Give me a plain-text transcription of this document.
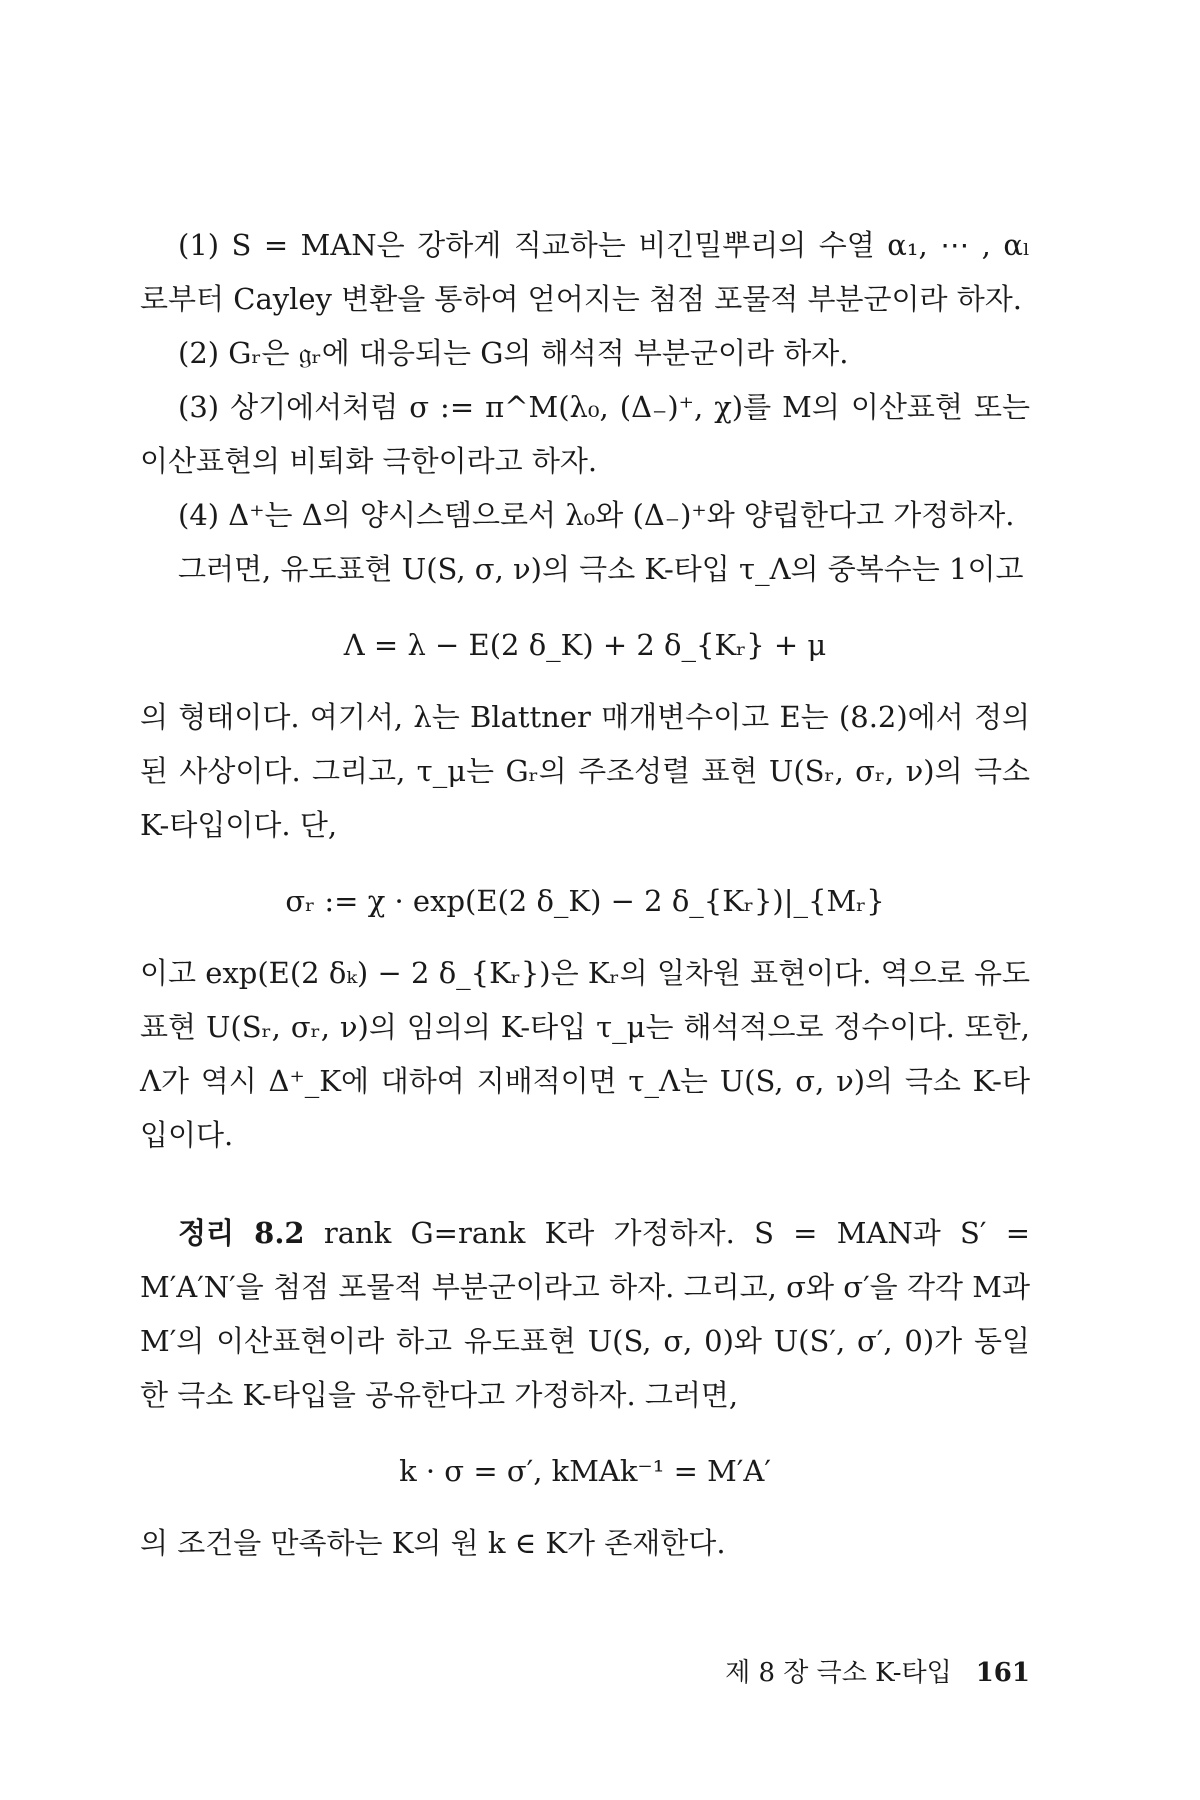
(1) S = MAN은 강하게 직교하는 비긴밀뿌리의 수열 α₁, ⋯ , αₗ 로부터 Cayley 변환을 통하여 얻어지는 첨점 포물적 부분군이라 하자.

(2) Gᵣ은 𝔤ᵣ에 대응되는 G의 해석적 부분군이라 하자.

(3) 상기에서처럼 σ := π^M(λ₀, (Δ₋)⁺, χ)를 M의 이산표현 또는 이산표현의 비퇴화 극한이라고 하자.

(4) Δ⁺는 Δ의 양시스템으로서 λ₀와 (Δ₋)⁺와 양립한다고 가정하자.

그러면, 유도표현 U(S, σ, ν)의 극소 K-타입 τ_Λ의 중복수는 1이고

Λ = λ − E(2 δ_K) + 2 δ_{Kᵣ} + μ

의 형태이다. 여기서, λ는 Blattner 매개변수이고 E는 (8.2)에서 정의된 사상이다. 그리고, τ_μ는 Gᵣ의 주조성렬 표현 U(Sᵣ, σᵣ, ν)의 극소 K-타입이다. 단,

σᵣ := χ · exp(E(2 δ_K) − 2 δ_{Kᵣ})|_{Mᵣ}

이고 exp(E(2 δₖ) − 2 δ_{Kᵣ})은 Kᵣ의 일차원 표현이다. 역으로 유도표현 U(Sᵣ, σᵣ, ν)의 임의의 K-타입 τ_μ는 해석적으로 정수이다. 또한, Λ가 역시 Δ⁺_K에 대하여 지배적이면 τ_Λ는 U(S, σ, ν)의 극소 K-타입이다.

정리 8.2 rank G=rank K라 가정하자. S = MAN과 S′ = M′A′N′을 첨점 포물적 부분군이라고 하자. 그리고, σ와 σ′을 각각 M과 M′의 이산표현이라 하고 유도표현 U(S, σ, 0)와 U(S′, σ′, 0)가 동일한 극소 K-타입을 공유한다고 가정하자. 그러면,

k · σ = σ′, kMAk⁻¹ = M′A′

의 조건을 만족하는 K의 원 k ∈ K가 존재한다.

제 8 장 극소 K-타입 161
